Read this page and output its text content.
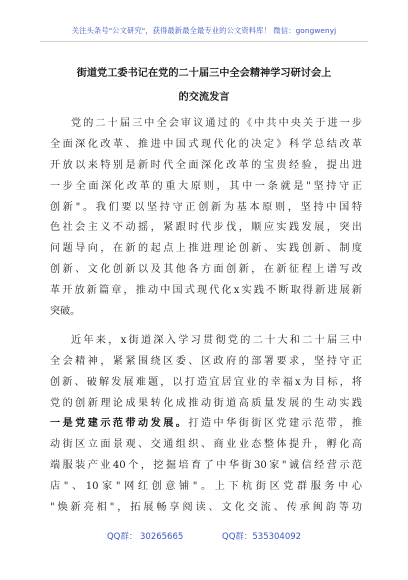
关注头条号"公文研究"，获得最新最全最专业的公文资料库！ 微信：gongwenyj
街道党工委书记在党的二十届三中全会精神学习研讨会上
的交流发言
党的二十届三中全会审议通过的《中共中央关于进一步
全面深化改革、推进中国式现代化的决定》科学总结改革
开放以来特别是新时代全面深化改革的宝贵经验，提出进
一步全面深化改革的重大原则，其中一条就是"坚持守正
创新"。我们要以坚持守正创新为基本原则，坚持中国特
色社会主义不动摇，紧跟时代步伐，顺应实践发展，突出
问题导向，在新的起点上推进理论创新、实践创新、制度
创新、文化创新以及其他各方面创新，在新征程上谱写改
革开放新篇章，推动中国式现代化x实践不断取得新进展新
突破。
近年来，x街道深入学习贯彻党的二十大和二十届三中
全会精神，紧紧围绕区委、区政府的部署要求，坚持守正
创新、破解发展难题，以打造宜居宜业的幸福x为目标，将
党的创新理论成果转化成推动街道高质量发展的生动实践
一是党建示范带动发展。打造中华街街区党建示范带，推
动街区立面景观、交通组织、商业业态整体提升，孵化高
端服装产业40个，挖掘培育了中华街30家"诚信经营示范
店"、10家"网红创意铺"。上下杭街区党群服务中心
"焕新亮相"，拓展畅享阅读、文化交流、传承闽韵等功
QQ群： 30265665	QQ群：535304092
